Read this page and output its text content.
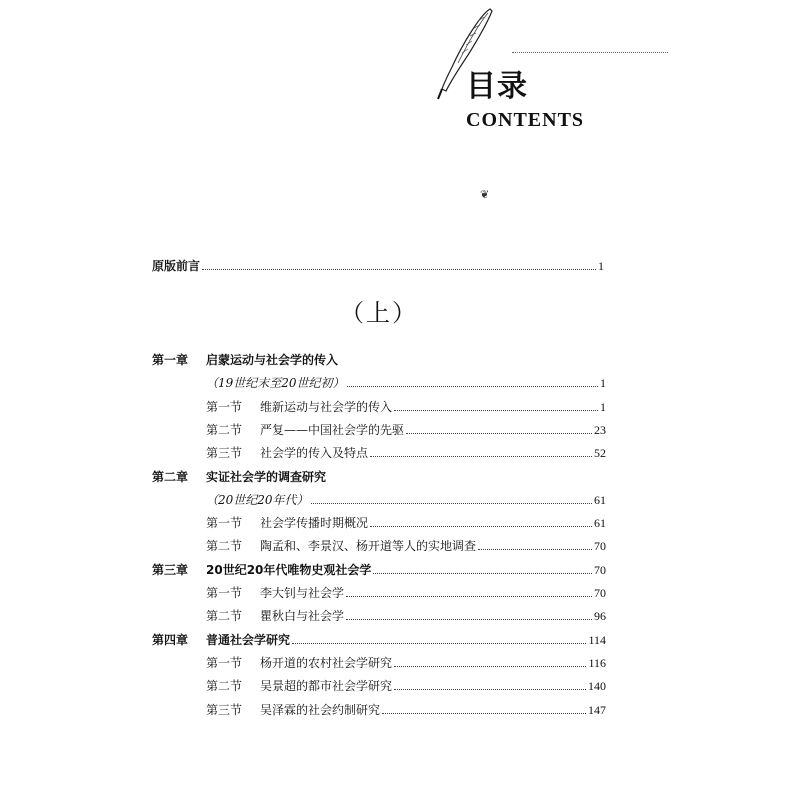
目录
CONTENTS
❦
原版前言	1
（上）
第一章 启蒙运动与社会学的传入
（19世纪末至20世纪初）	1
第一节 维新运动与社会学的传入	1
第二节 严复——中国社会学的先驱	23
第三节 社会学的传入及特点	52
第二章 实证社会学的调查研究
（20世纪20年代）	61
第一节 社会学传播时期概况	61
第二节 陶孟和、李景汉、杨开道等人的实地调查	70
第三章 20世纪20年代唯物史观社会学	70
第一节 李大钊与社会学	70
第二节 瞿秋白与社会学	96
第四章 普通社会学研究	114
第一节 杨开道的农村社会学研究	116
第二节 吴景超的都市社会学研究	140
第三节 吴泽霖的社会约制研究	147
